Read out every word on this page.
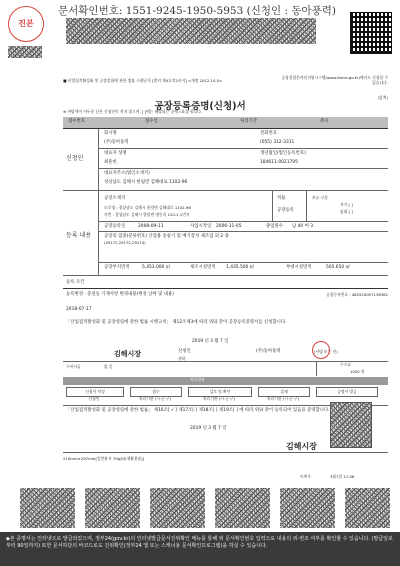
진본
문서확인번호: 1551-9245-1950-5953 (신청인 : 동아풍력)
■ 산업집적활성화 및 공장설립에 관한 법률 시행규칙 [별지 제4호의2서식] <개정 2012.10.5>
공장설립온라인지원시스템(www.femis.go.kr)에서도 신청할 수 있습니다.
(앞쪽)
공장등록증명(신청)서
※ 바탕색이 어두운 난은 신청인이 적지 않으며, [ ]에는 해당되는 곳에 √표를 합니다.
접수번호	접수일	처리기간	즉시
신청인
회사명
(주)동아풍력
전화번호
(055) 312-3311
대표자 성명
최훈헌
생년월일(법인등록번호)
184611-0021795
대표자주소(법인소재지)
경상남도 김해시 한림면 김해대로 1102-96
등록 내용
공장소재지
도로명 : 경상남도 김해시 한림면 김해대로 1102-96
지번 : 경상남도 김해시 한림면 명동리 120-1 1번지
적용
공장등록
보유·구분
자가 [ ]
임대 [ ]
공장등록일	2008-09-11	사업시작일 2006-11-05	종업원수 남 40 여 3
공장의 업종(분류번호) 산업용 송풍기 및 배기장치 제조업 외 2 종
(29172,29172,29174)
공장부지면적	5,453.000 ㎡	제조시설면적 1,435.500 ㎡	부대시설면적	505.650 ㎡
등록 조건
등록변경 · 증설등 기재사항 변경내용(변경 날짜 및 내용)	공장등록번호 : 482520007136362
2018-07-17
「산업집적활성화 및 공장설립에 관한 법률 시행규칙」 제12조제3에 따라 위와 같이 공장등록증명서를 신청합니다.
2019 년 3 월 7 일
신청인	(주)동아풍력	(서명 또는 인)
김해시장
귀하
구비서류	없 음	수수료
1000 원
처리절차
신청서 작성	접수	검토 및 확인	결재	증명서 발급
신청인	처리기관 (시·군·구)	처리기관 (시·군·구)	처리기관 (시·군·구)
「산업집적활성화 및 공장설립에 관한 법률」 제16조[ √ ] 제17조[ ] 제18조[ ] 제19조[ ] 에 따라 위와 같이 등록되어 있음을 증명합니다.
2019 년 3 월 7 일
김해시장
210mm×297mm[일반용지 70g/㎡(재활용품)]
이쪽주	3월7일 11:08
◆본 증명서는 인터넷으로 발급되었으며, 정부24(gov.kr)의 인터넷발급문서진위확인 메뉴를 통해 위 문서확인번호 입력으로 내용의 위·변조 여부를 확인할 수 있습니다. (발급일로부터 90일까지) 또한 문서하단의 바코드로도 진위확인(정부24 앱 또는 스캐너용 문서확인프로그램)을 하실 수 있습니다.
